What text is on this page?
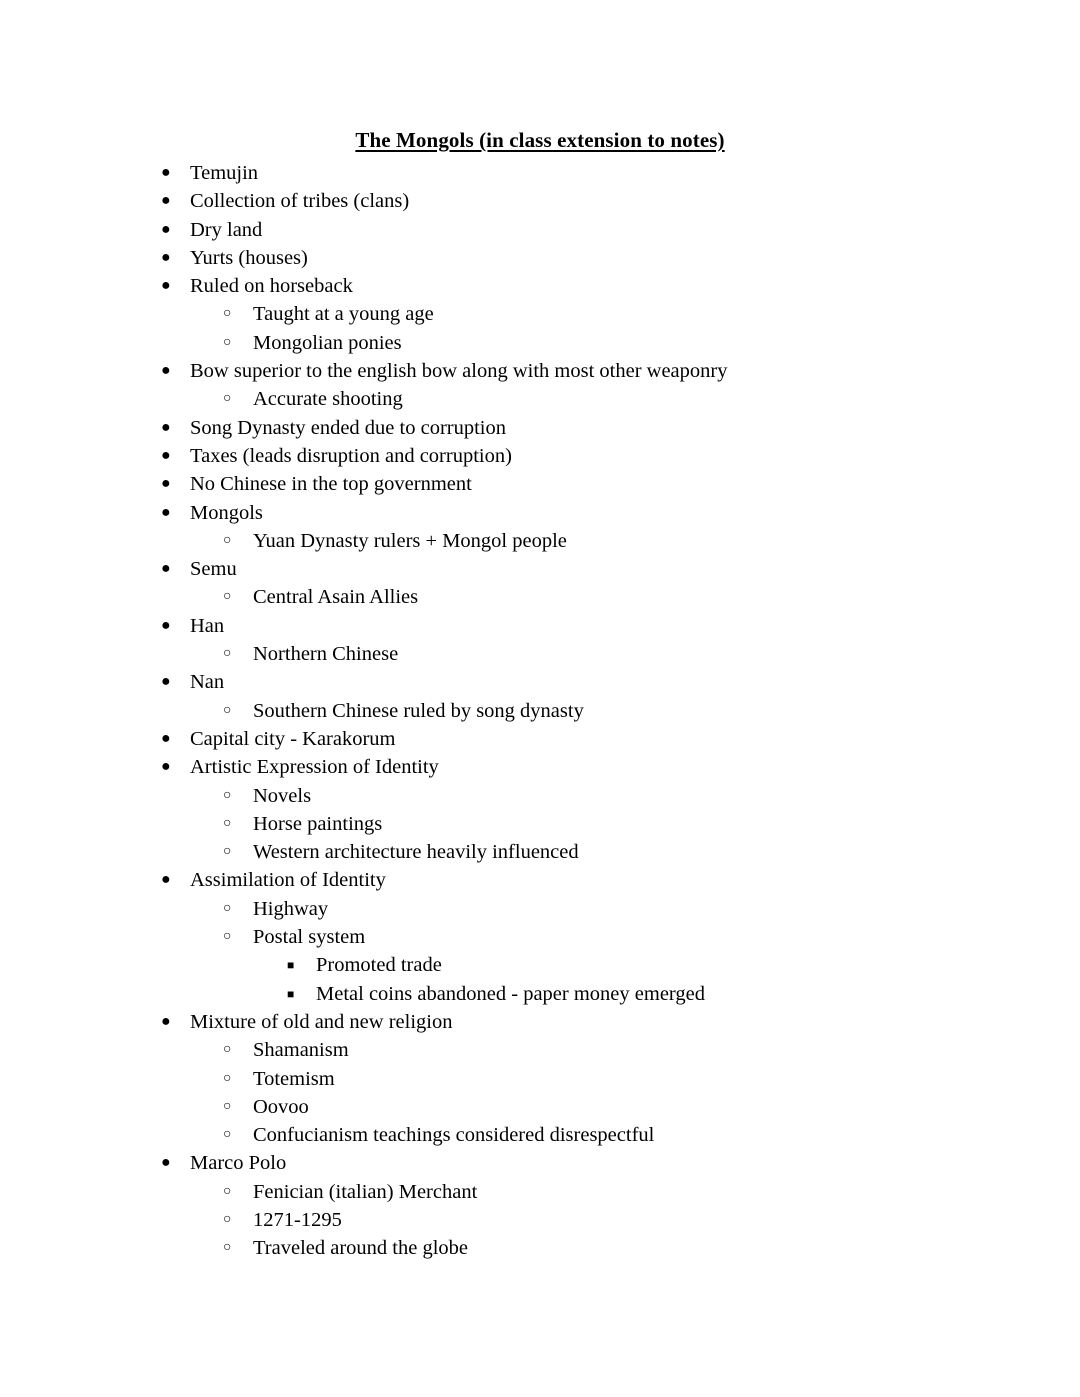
The Mongols (in class extension to notes)
● Temujin
● Collection of tribes (clans)
● Dry land
● Yurts (houses)
● Ruled on horseback
○ Taught at a young age
○ Mongolian ponies
● Bow superior to the english bow along with most other weaponry
○ Accurate shooting
● Song Dynasty ended due to corruption
● Taxes (leads disruption and corruption)
● No Chinese in the top government
● Mongols
○ Yuan Dynasty rulers + Mongol people
● Semu
○ Central Asain Allies
● Han
○ Northern Chinese
● Nan
○ Southern Chinese ruled by song dynasty
● Capital city - Karakorum
● Artistic Expression of Identity
○ Novels
○ Horse paintings
○ Western architecture heavily influenced
● Assimilation of Identity
○ Highway
○ Postal system
■	Promoted trade
■	Metal coins abandoned - paper money emerged
● Mixture of old and new religion
○ Shamanism
○ Totemism
○ Oovoo
○ Confucianism teachings considered disrespectful
● Marco Polo
○ Fenician (italian) Merchant
○ 1271-1295
○ Traveled around the globe
